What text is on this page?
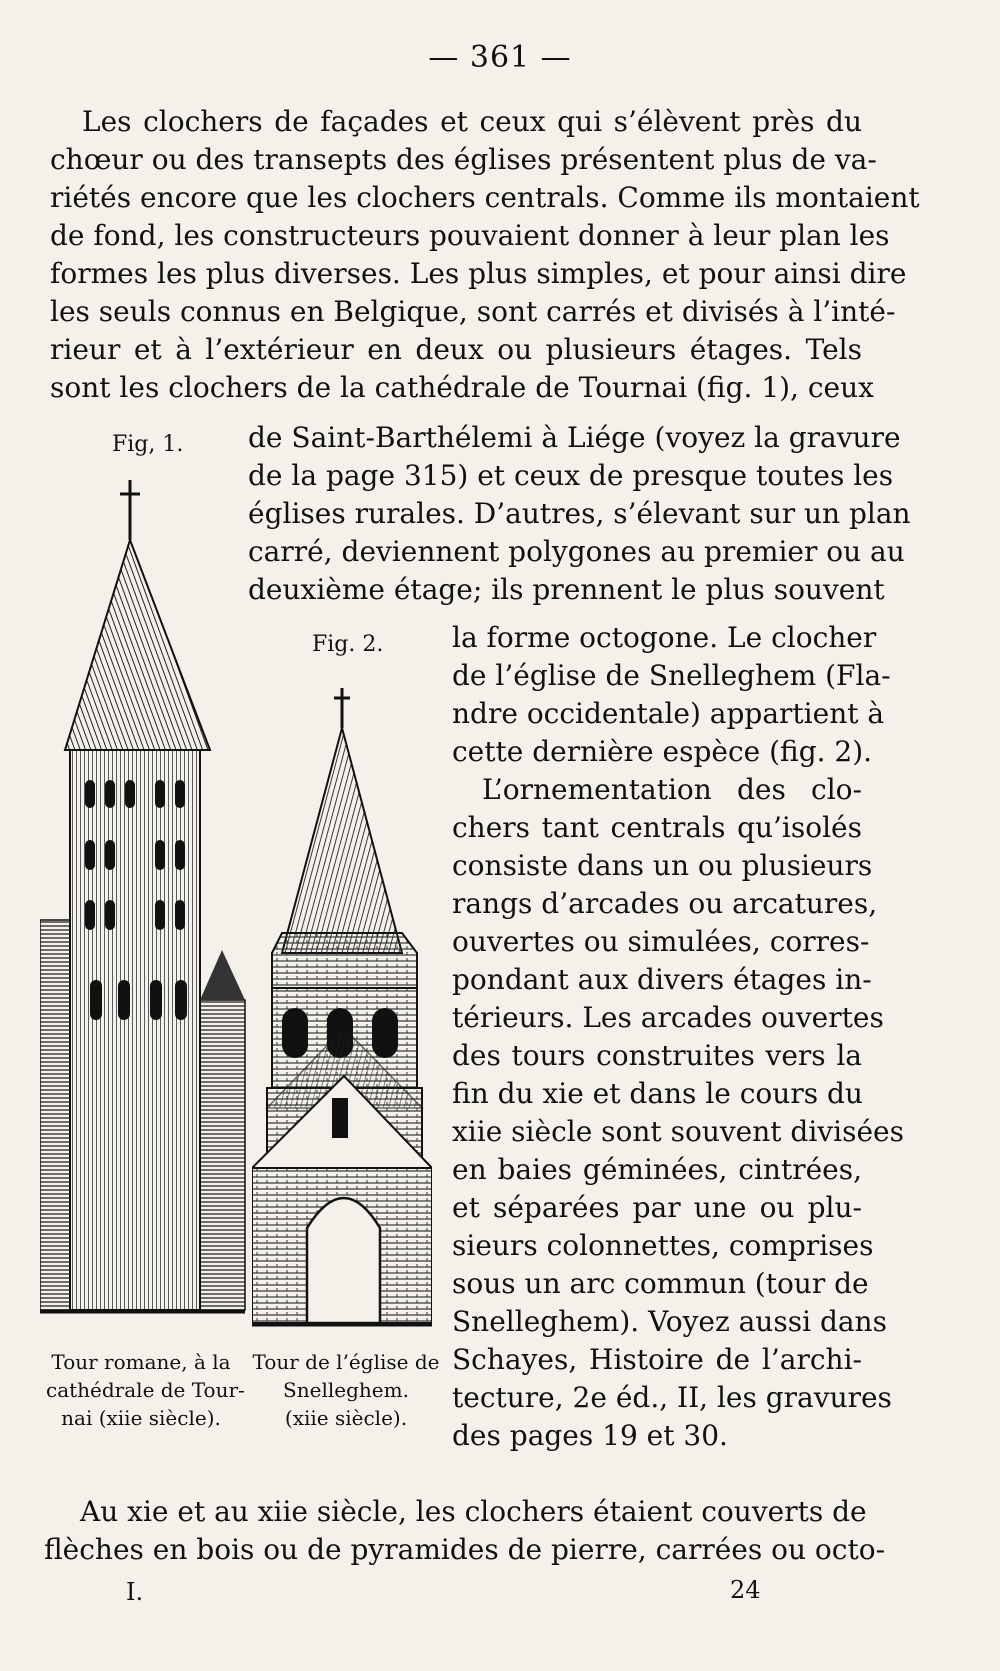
— 361 —
Les clochers de façades et ceux qui s’élèvent près du
chœur ou des transepts des églises présentent plus de va-
riétés encore que les clochers centrals. Comme ils montaient
de fond, les constructeurs pouvaient donner à leur plan les
formes les plus diverses. Les plus simples, et pour ainsi dire
les seuls connus en Belgique, sont carrés et divisés à l’inté-
rieur et à l’extérieur en deux ou plusieurs étages. Tels
sont les clochers de la cathédrale de Tournai (fig. 1), ceux
Fig, 1. de Saint-Barthélemi à Liége (voyez la gravure
de la page 315) et ceux de presque toutes les
églises rurales. D’autres, s’élevant sur un plan
carré, deviennent polygones au premier ou au
deuxième étage; ils prennent le plus souvent
Fig. 2. la forme octogone. Le clocher
de l’église de Snelleghem (Fla-
ndre occidentale) appartient à
cette dernière espèce (fig. 2).
L’ornementation des clo-
chers tant centrals qu’isolés
consiste dans un ou plusieurs
rangs d’arcades ou arcatures,
ouvertes ou simulées, corres-
pondant aux divers étages in-
térieurs. Les arcades ouvertes
des tours construites vers la
fin du xie et dans le cours du
xiie siècle sont souvent divisées
en baies géminées, cintrées,
et séparées par une ou plu-
sieurs colonnettes, comprises
sous un arc commun (tour de
Snelleghem). Voyez aussi dans
Schayes, Histoire de l’archi-
tecture, 2e éd., II, les gravures
des pages 19 et 30.
Tour romane, à la
cathédrale de Tour-
nai (xiie siècle).
Tour de l’église de
Snelleghem.
(xiie siècle).
Au xie et au xiie siècle, les clochers étaient couverts de
flèches en bois ou de pyramides de pierre, carrées ou octo-
I.	24
